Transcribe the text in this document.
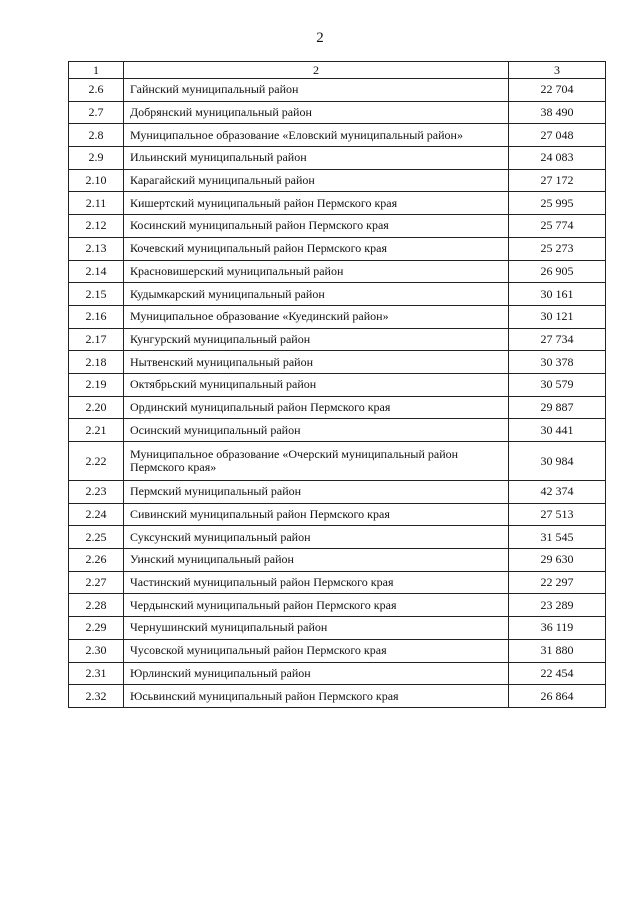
2
1	2	3
2.6	Гайнский муниципальный район	22 704
2.7	Добрянский муниципальный район	38 490
2.8	Муниципальное образование «Еловский муниципальный район»	27 048
2.9	Ильинский муниципальный район	24 083
2.10	Карагайский муниципальный район	27 172
2.11	Кишертский муниципальный район Пермского края	25 995
2.12	Косинский муниципальный район Пермского края	25 774
2.13	Кочевский муниципальный район Пермского края	25 273
2.14	Красновишерский муниципальный район	26 905
2.15	Кудымкарский муниципальный район	30 161
2.16	Муниципальное образование «Куединский район»	30 121
2.17	Кунгурский муниципальный район	27 734
2.18	Нытвенский муниципальный район	30 378
2.19	Октябрьский муниципальный район	30 579
2.20	Ординский муниципальный район Пермского края	29 887
2.21	Осинский муниципальный район	30 441
2.22	Муниципальное образование «Очерский муниципальный район Пермского края»	30 984
2.23	Пермский муниципальный район	42 374
2.24	Сивинский муниципальный район Пермского края	27 513
2.25	Суксунский муниципальный район	31 545
2.26	Уинский муниципальный район	29 630
2.27	Частинский муниципальный район Пермского края	22 297
2.28	Чердынский муниципальный район Пермского края	23 289
2.29	Чернушинский муниципальный район	36 119
2.30	Чусовской муниципальный район Пермского края	31 880
2.31	Юрлинский муниципальный район	22 454
2.32	Юсьвинский муниципальный район Пермского края	26 864
